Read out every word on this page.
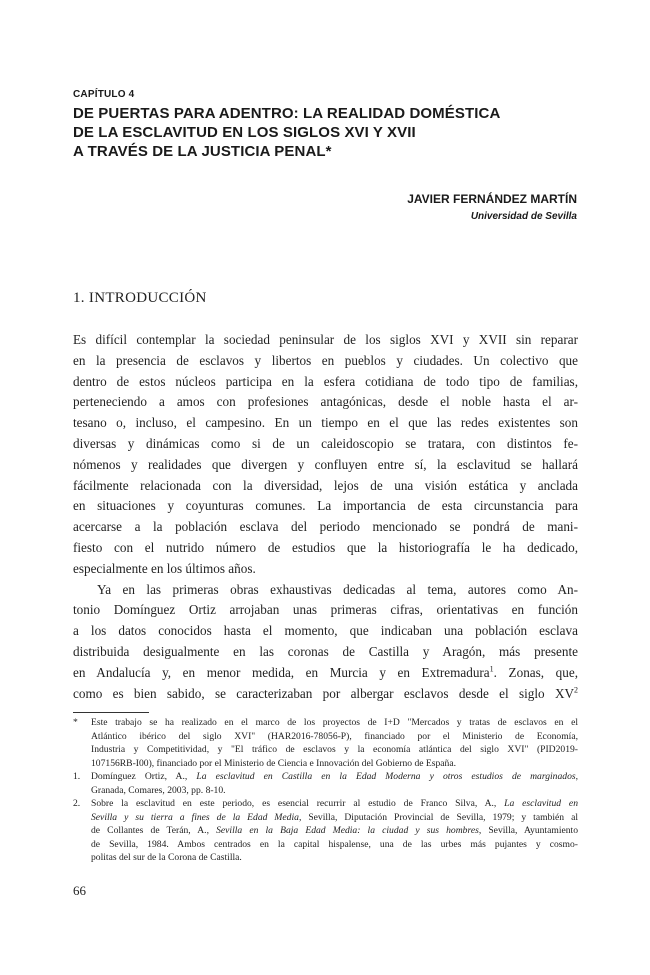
CAPÍTULO 4
DE PUERTAS PARA ADENTRO: LA REALIDAD DOMÉSTICA
DE LA ESCLAVITUD EN LOS SIGLOS XVI Y XVII
A TRAVÉS DE LA JUSTICIA PENAL*
JAVIER FERNÁNDEZ MARTÍN
Universidad de Sevilla
1. INTRODUCCIÓN
Es difícil contemplar la sociedad peninsular de los siglos XVI y XVII sin reparar
en la presencia de esclavos y libertos en pueblos y ciudades. Un colectivo que
dentro de estos núcleos participa en la esfera cotidiana de todo tipo de familias,
perteneciendo a amos con profesiones antagónicas, desde el noble hasta el ar-
tesano o, incluso, el campesino. En un tiempo en el que las redes existentes son
diversas y dinámicas como si de un caleidoscopio se tratara, con distintos fe-
nómenos y realidades que divergen y confluyen entre sí, la esclavitud se hallará
fácilmente relacionada con la diversidad, lejos de una visión estática y anclada
en situaciones y coyunturas comunes. La importancia de esta circunstancia para
acercarse a la población esclava del periodo mencionado se pondrá de mani-
fiesto con el nutrido número de estudios que la historiografía le ha dedicado,
especialmente en los últimos años.
Ya en las primeras obras exhaustivas dedicadas al tema, autores como An-
tonio Domínguez Ortiz arrojaban unas primeras cifras, orientativas en función
a los datos conocidos hasta el momento, que indicaban una población esclava
distribuida desigualmente en las coronas de Castilla y Aragón, más presente
en Andalucía y, en menor medida, en Murcia y en Extremadura$^1$. Zonas, que,
como es bien sabido, se caracterizaban por albergar esclavos desde el siglo $XV^2$
*	Este trabajo se ha realizado en el marco de los proyectos de I+D "Mercados y tratas de esclavos en el
Atlántico ibérico del siglo XVI" (HAR2016-78056-P), financiado por el Ministerio de Economía,
Industria y Competitividad, y "El tráfico de esclavos y la economía atlántica del siglo XVI" (PID2019-
107156RB-I00), financiado por el Ministerio de Ciencia e Innovación del Gobierno de España.
1.	Domínguez Ortiz, A., La esclavitud en Castilla en la Edad Moderna y otros estudios de marginados,
Granada, Comares, 2003, pp. 8-10.
2.	Sobre la esclavitud en este periodo, es esencial recurrir al estudio de Franco Silva, A., La esclavitud en
Sevilla y su tierra a fines de la Edad Media, Sevilla, Diputación Provincial de Sevilla, 1979; y también al
de Collantes de Terán, A., Sevilla en la Baja Edad Media: la ciudad y sus hombres, Sevilla, Ayuntamiento
de Sevilla, 1984. Ambos centrados en la capital hispalense, una de las urbes más pujantes y cosmo-
politas del sur de la Corona de Castilla.
66
